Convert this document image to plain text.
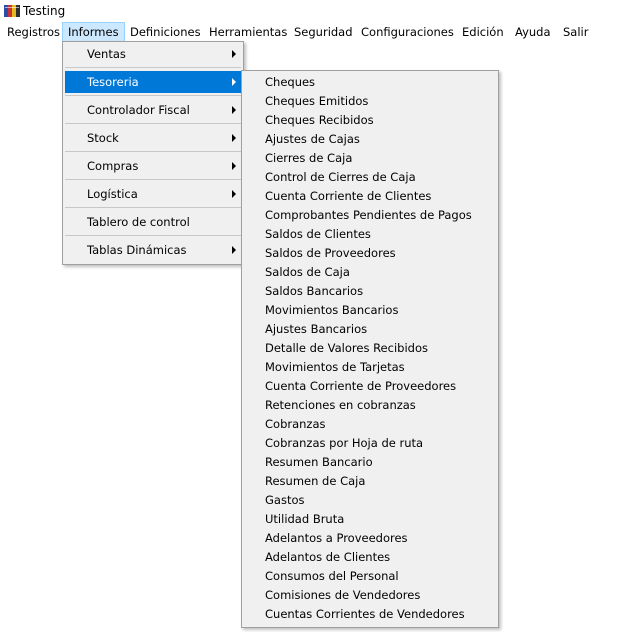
Testing
Registros Informes Definiciones Herramientas Seguridad Configuraciones Edición Ayuda	Salir
Ventas
Tesoreria
Controlador Fiscal
Stock
Compras
Logística
Tablero de control
Tablas Dinámicas
Cheques
Cheques Emitidos
Cheques Recibidos
Ajustes de Cajas
Cierres de Caja
Control de Cierres de Caja
Cuenta Corriente de Clientes
Comprobantes Pendientes de Pagos
Saldos de Clientes
Saldos de Proveedores
Saldos de Caja
Saldos Bancarios
Movimientos Bancarios
Ajustes Bancarios
Detalle de Valores Recibidos
Movimientos de Tarjetas
Cuenta Corriente de Proveedores
Retenciones en cobranzas
Cobranzas
Cobranzas por Hoja de ruta
Resumen Bancario
Resumen de Caja
Gastos
Utilidad Bruta
Adelantos a Proveedores
Adelantos de Clientes
Consumos del Personal
Comisiones de Vendedores
Cuentas Corrientes de Vendedores
